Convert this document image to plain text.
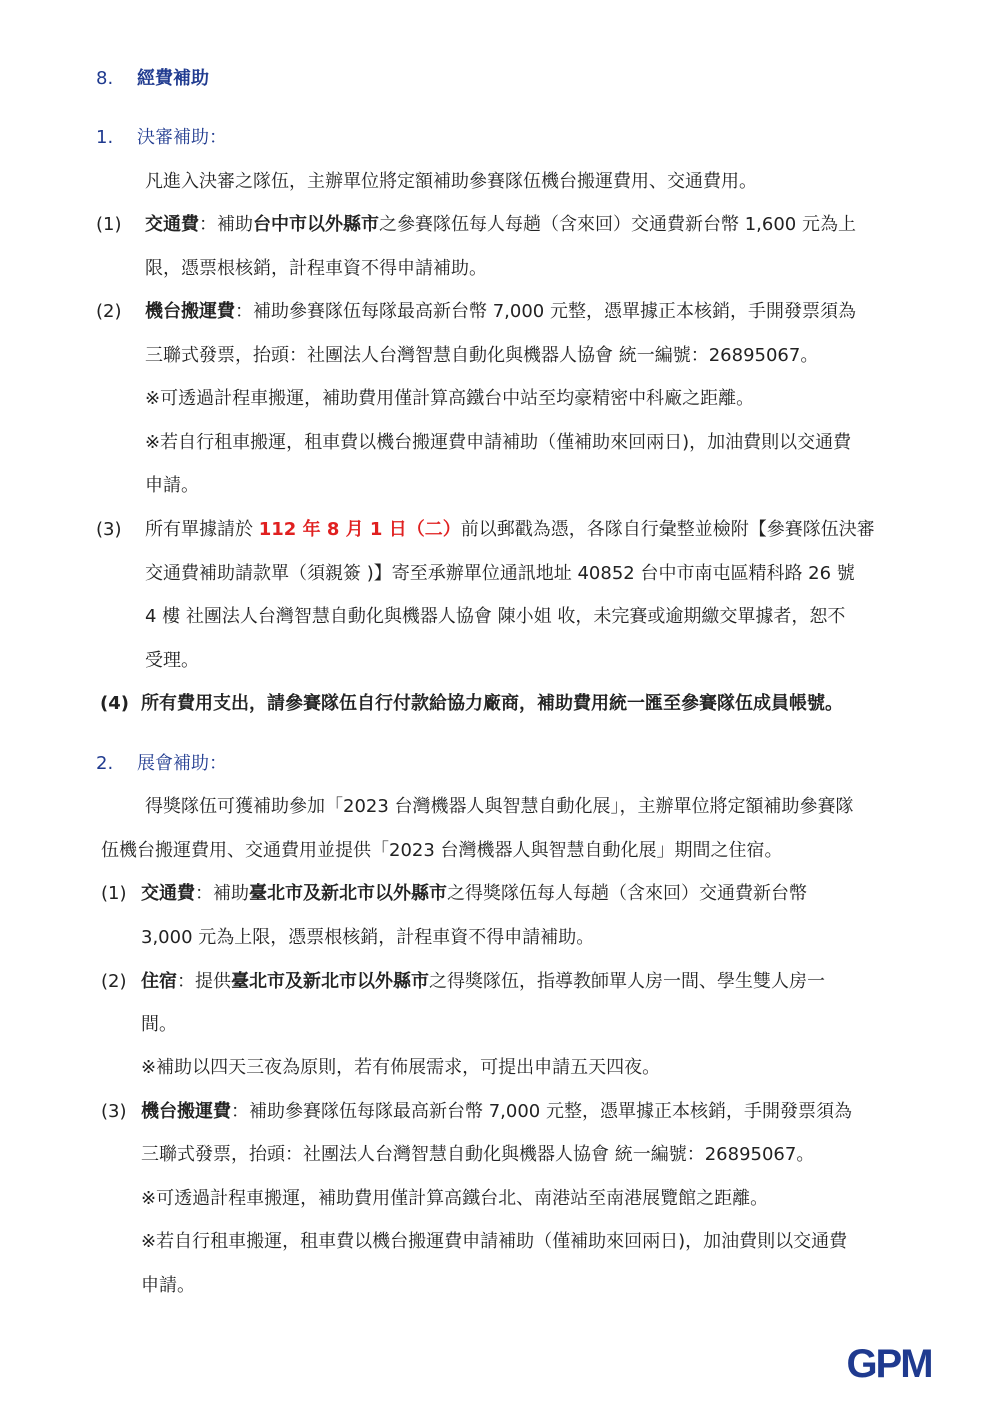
8. 經費補助
1. 決審補助：
凡進入決審之隊伍，主辦單位將定額補助參賽隊伍機台搬運費用、交通費用。
(1) 交通費：補助台中市以外縣市之參賽隊伍每人每趟（含來回）交通費新台幣 1,600 元為上
限，憑票根核銷，計程車資不得申請補助。
(2) 機台搬運費：補助參賽隊伍每隊最高新台幣 7,000 元整，憑單據正本核銷，手開發票須為
三聯式發票，抬頭：社團法人台灣智慧自動化與機器人協會 統一編號：26895067。
※可透過計程車搬運，補助費用僅計算高鐵台中站至均豪精密中科廠之距離。
※若自行租車搬運，租車費以機台搬運費申請補助（僅補助來回兩日)，加油費則以交通費
申請。
(3) 所有單據請於 112 年 8 月 1 日（二）前以郵戳為憑，各隊自行彙整並檢附【參賽隊伍決審
交通費補助請款單（須親簽 )】寄至承辦單位通訊地址 40852 台中市南屯區精科路 26 號
4 樓 社團法人台灣智慧自動化與機器人協會 陳小姐 收，未完賽或逾期繳交單據者，恕不
受理。
(4) 所有費用支出，請參賽隊伍自行付款給協力廠商，補助費用統一匯至參賽隊伍成員帳號。
2. 展會補助：
得獎隊伍可獲補助參加「2023 台灣機器人與智慧自動化展」，主辦單位將定額補助參賽隊
伍機台搬運費用、交通費用並提供「2023 台灣機器人與智慧自動化展」期間之住宿。
(1) 交通費：補助臺北市及新北市以外縣市之得獎隊伍每人每趟（含來回）交通費新台幣
3,000 元為上限，憑票根核銷，計程車資不得申請補助。
(2) 住宿：提供臺北市及新北市以外縣市之得獎隊伍，指導教師單人房一間、學生雙人房一
間。
※補助以四天三夜為原則，若有佈展需求，可提出申請五天四夜。
(3) 機台搬運費：補助參賽隊伍每隊最高新台幣 7,000 元整，憑單據正本核銷，手開發票須為
三聯式發票，抬頭：社團法人台灣智慧自動化與機器人協會 統一編號：26895067。
※可透過計程車搬運，補助費用僅計算高鐵台北、南港站至南港展覽館之距離。
※若自行租車搬運，租車費以機台搬運費申請補助（僅補助來回兩日)，加油費則以交通費
申請。
GPM
